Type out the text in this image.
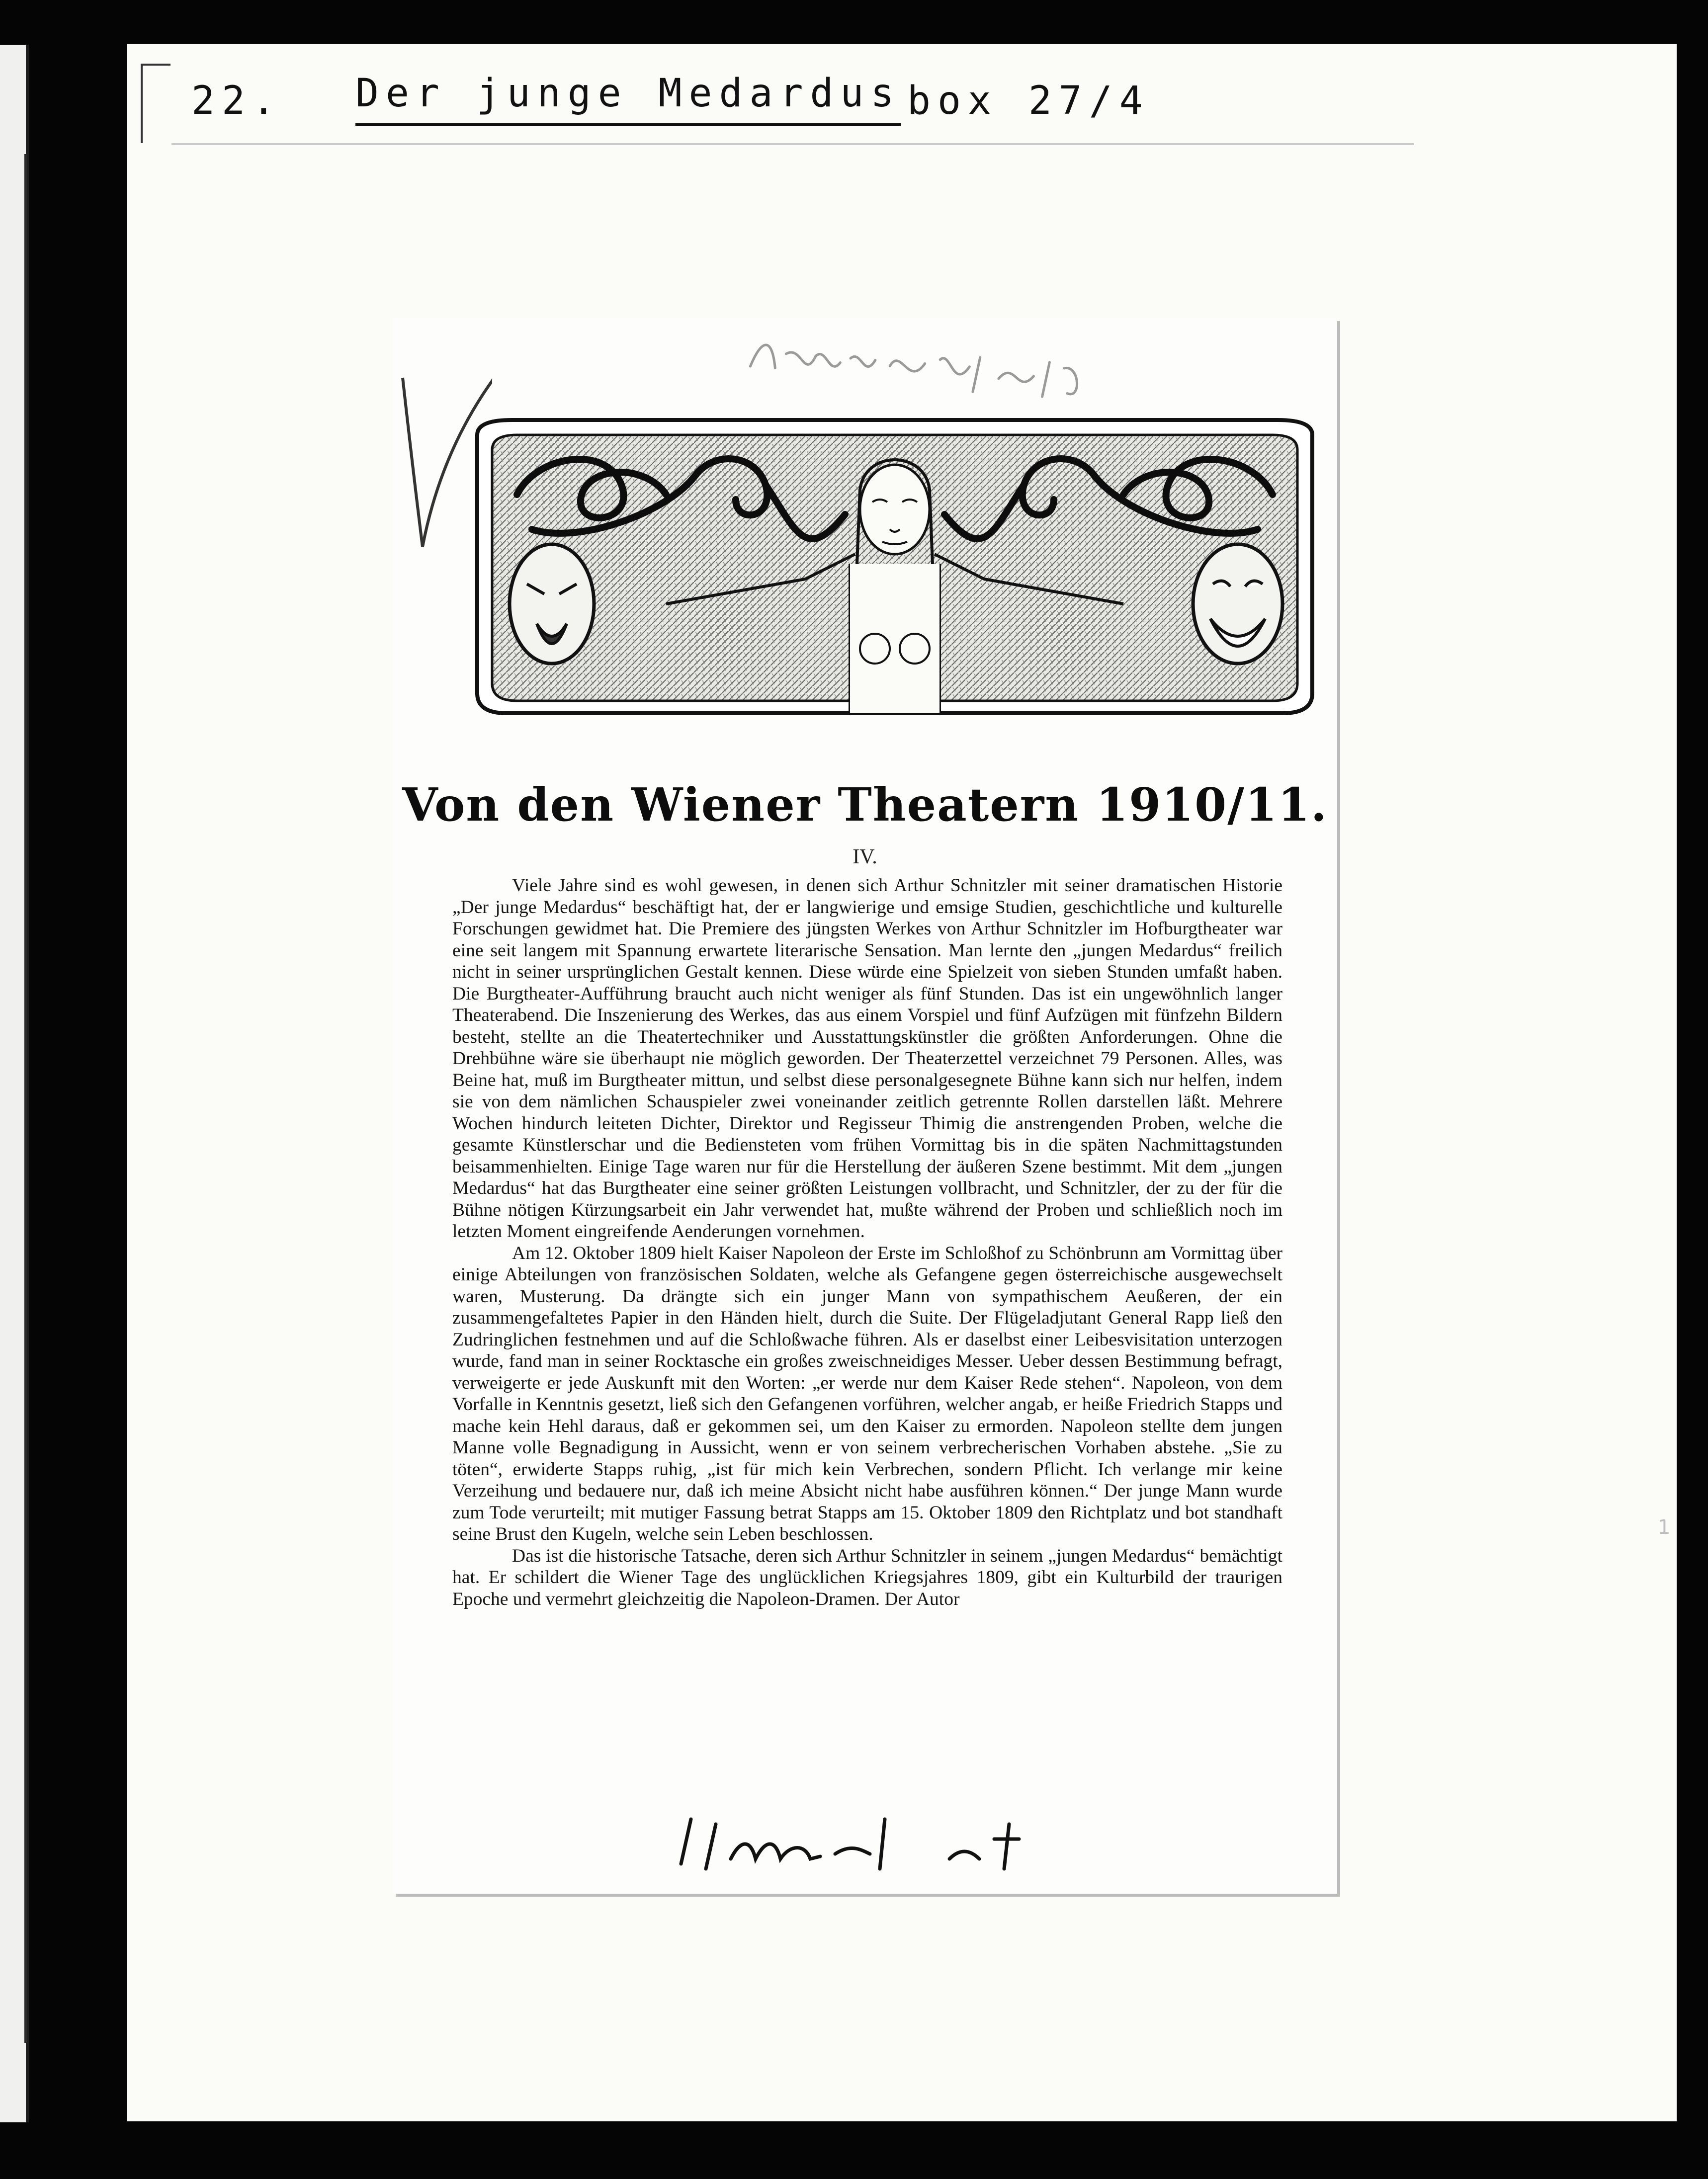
22. Der junge Medardus box 27/4
1
Von den Wiener Theatern 1910/11.
IV.

Viele Jahre sind es wohl gewesen, in denen sich Arthur Schnitzler mit seiner dramatischen Historie „Der junge Medardus“ beschäftigt hat, der er langwierige und emsige Studien, geschichtliche und kulturelle Forschungen gewidmet hat. Die Premiere des jüngsten Werkes von Arthur Schnitzler im Hofburgtheater war eine seit langem mit Spannung erwartete literarische Sensation. Man lernte den „jungen Medardus“ freilich nicht in seiner ursprünglichen Gestalt kennen. Diese würde eine Spielzeit von sieben Stunden umfaßt haben. Die Burgtheater-Aufführung braucht auch nicht weniger als fünf Stunden. Das ist ein ungewöhnlich langer Theaterabend. Die Inszenierung des Werkes, das aus einem Vorspiel und fünf Aufzügen mit fünfzehn Bildern besteht, stellte an die Theatertechniker und Ausstattungskünstler die größten Anforderungen. Ohne die Drehbühne wäre sie überhaupt nie möglich geworden. Der Theaterzettel verzeichnet 79 Personen. Alles, was Beine hat, muß im Burgtheater mittun, und selbst diese personalgesegnete Bühne kann sich nur helfen, indem sie von dem nämlichen Schauspieler zwei voneinander zeitlich getrennte Rollen darstellen läßt. Mehrere Wochen hindurch leiteten Dichter, Direktor und Regisseur Thimig die anstrengenden Proben, welche die gesamte Künstlerschar und die Bediensteten vom frühen Vormittag bis in die späten Nachmittagstunden beisammenhielten. Einige Tage waren nur für die Herstellung der äußeren Szene bestimmt. Mit dem „jungen Medardus“ hat das Burgtheater eine seiner größten Leistungen vollbracht, und Schnitzler, der zu der für die Bühne nötigen Kürzungsarbeit ein Jahr verwendet hat, mußte während der Proben und schließlich noch im letzten Moment eingreifende Aenderungen vornehmen.

Am 12. Oktober 1809 hielt Kaiser Napoleon der Erste im Schloßhof zu Schönbrunn am Vormittag über einige Abteilungen von französischen Soldaten, welche als Gefangene gegen österreichische ausgewechselt waren, Musterung. Da drängte sich ein junger Mann von sympathischem Aeußeren, der ein zusammengefaltetes Papier in den Händen hielt, durch die Suite. Der Flügeladjutant General Rapp ließ den Zudringlichen festnehmen und auf die Schloßwache führen. Als er daselbst einer Leibesvisitation unterzogen wurde, fand man in seiner Rocktasche ein großes zweischneidiges Messer. Ueber dessen Bestimmung befragt, verweigerte er jede Auskunft mit den Worten: „er werde nur dem Kaiser Rede stehen“. Napoleon, von dem Vorfalle in Kenntnis gesetzt, ließ sich den Gefangenen vorführen, welcher angab, er heiße Friedrich Stapps und mache kein Hehl daraus, daß er gekommen sei, um den Kaiser zu ermorden. Napoleon stellte dem jungen Manne volle Begnadigung in Aussicht, wenn er von seinem verbrecherischen Vorhaben abstehe. „Sie zu töten“, erwiderte Stapps ruhig, „ist für mich kein Verbrechen, sondern Pflicht. Ich verlange mir keine Verzeihung und bedauere nur, daß ich meine Absicht nicht habe ausführen können.“ Der junge Mann wurde zum Tode verurteilt; mit mutiger Fassung betrat Stapps am 15. Oktober 1809 den Richtplatz und bot standhaft seine Brust den Kugeln, welche sein Leben beschlossen.

Das ist die historische Tatsache, deren sich Arthur Schnitzler in seinem „jungen Medardus“ bemächtigt hat. Er schildert die Wiener Tage des unglücklichen Kriegsjahres 1809, gibt ein Kulturbild der traurigen Epoche und vermehrt gleichzeitig die Napoleon-Dramen. Der Autor
